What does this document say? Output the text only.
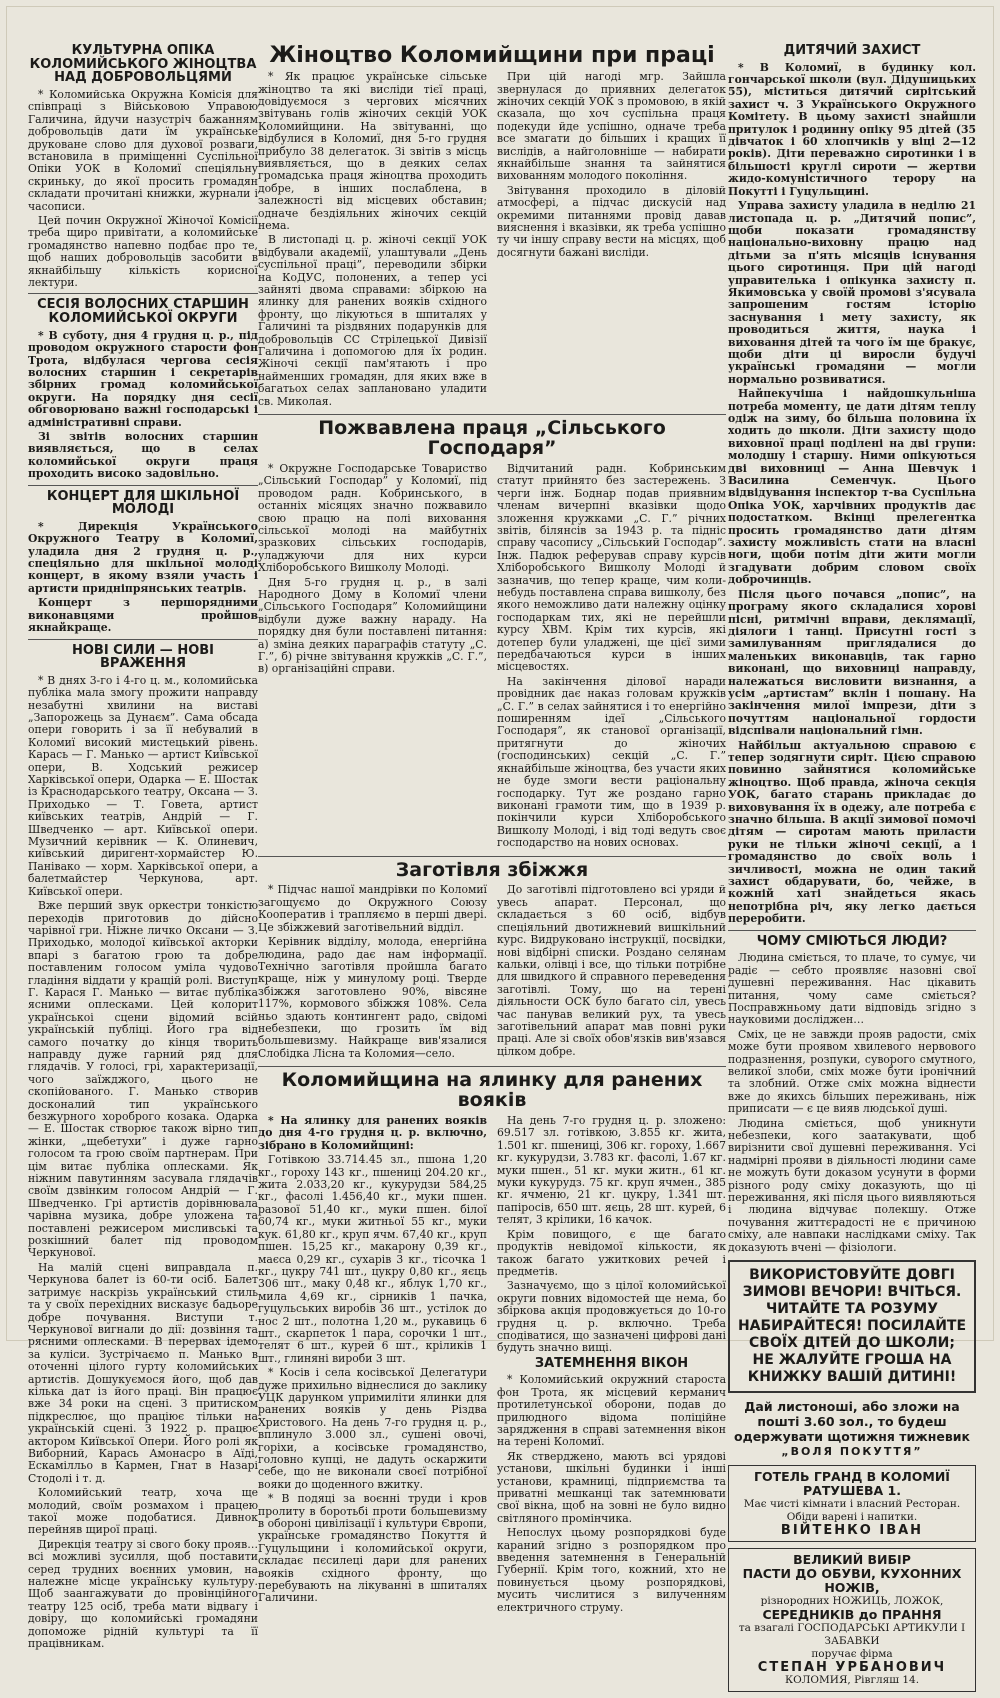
КУЛЬТУРНА ОПІКА КОЛОМИЙСЬКОГО ЖІНОЦТВА НАД ДОБРОВОЛЬЦЯМИ

* Коломийська Окружна Комісія для співпраці з Військовою Управою Галичина, йдучи назустріч бажанням добровольців дати їм українське друковане слово для духової розваги, встановила в приміщенні Суспільної Опіки УОК в Коломиї спеціяльну скриньку, до якої просить громадян складати прочитані книжки, журнали і часописи.

Цей почин Окружної Жіночої Комісії треба щиро привітати, а коломийське громадянство напевно подбає про те, щоб наших добровольців засобити в якнайбільшу кількість корисної лектури.

СЕСІЯ ВОЛОСНИХ СТАРШИН КОЛОМИЙСЬКОЇ ОКРУГИ

* В суботу, дня 4 грудня ц. р., під проводом окружного старости фон Трота, відбулася чергова сесія волосних старшин і секретарів збірних громад коломийської округи. На порядку дня сесії обговорювано важні господарські і адміністративні справи.

Зі звітів волосних старшин виявляється, що в селах коломийської округи праця проходить високо задовільно.

КОНЦЕРТ ДЛЯ ШКІЛЬНОЇ МОЛОДІ

* Дирекція Українського Окружного Театру в Коломиї, уладила дня 2 грудня ц. р., спеціяльно для шкільної молоді концерт, в якому взяли участь і артисти придніпрянських театрів.

Концерт з першорядними виконавцями пройшов якнайкраще.

НОВІ СИЛИ — НОВІ ВРАЖЕННЯ

* В днях 3-го і 4-го ц. м., коломийська публіка мала змогу прожити направду незабутні хвилини на виставі „Запорожець за Дунаєм”. Сама обсада опери говорить і за її небувалий в Коломиї високий мистецький рівень. Карась — Г. Манько — артист Київської опери, В. Ходський режисер Харківської опери, Одарка — Е. Шостак із Краснодарського театру, Оксана — З. Приходько — Т. Говета, артист київських театрів, Андрій — Г. Шведченко — арт. Київської опери. Музичний керівник — К. Олиневич, київський диригент-хормайстер Ю. Панівако — хорм. Харківської опери, а балетмайстер Черкунова, арт. Київської опери.

Вже перший звук оркестри тонкістю переходів приготовив до дійсно чарівної гри. Ніжне личко Оксани — З. Приходько, молодої київської акторки впарі з багатою грою та добре поставленим голосом уміла чудово гладіння віддати у кращій ролі. Виступ Г. Карася Г. Манько — витає публіка ясними оплесками. Цей колорит українськоі сцени відомий всій українській публіці. Його гра від самого початку до кінця творить направду дуже гарний ряд для глядачів. У голосі, грі, характеризації, чого заїжджого, цього не скопійованого. Г. Манько створив досконалий тип українського безжурного хороброго козака. Одарка — Е. Шостак створює також вірно тип жінки, „щебетухи” і дуже гарно голосом та грою своїм партнерам. При цім витає публіка оплесками. Як ніжним павутинням засувала глядачів своїм дзвінким голосом Андрій — Г. Шведченко. Грі артистів дорівнювала чарівна музика, добре уложена та поставлені режисером мисливські та розкішний балет під проводом Черкунової.

На малій сцені виправдала п. Черкунова балет із 60-ти осіб. Балет затримує наскрізь український стиль та у своїх перехідних висказує бадьоре добре почування. Виступи т. Черкунової вигнали до дії: дозвіння та рясними оплесками. В перервах ідемо за куліси. Зустрічаємо п. Манько в оточенні цілого гурту коломийських артистів. Дошукуємося його, щоб дав кілька дат із його праці. Він працює вже 34 роки на сцені. З притиском підкреслює, що праціює тільки на українській сцені. З 1922 р. працює актором Київської Опери. Його ролі як Виборний, Карась Амонасро в Аїді, Ескамілльо в Кармен, Гнат в Назарі Стодолі і т. д.

Коломийський театр, хоча ще молодий, своїм розмахом і працею такої може подобатися. Дивнок перейняв щирої праці.

Дирекція театру зі свого боку прояв… всі можливі зусилля, щоб поставити серед трудних воєнних умовин, на належне місце українську культуру. Щоб заангажувати до провінційного театру 125 осіб, треба мати відвагу і довіру, що коломийські громадяни допоможе рідній культурі та її працівникам.

Жіноцтво Коломийщини при праці

* Як працює українське сільське жіноцтво та які висліди тієї праці, довідуємося з чергових місячних звітувань голів жіночих секцій УОК Коломийщини. На звітуванні, що відбулися в Коломиї, дня 5-го грудня прибуло 38 делегаток. Зі звітів з місць виявляється, що в деяких селах громадська праця жіноцтва проходить добре, в інших послаблена, в залежності від місцевих обставин; одначе бездіяльних жіночих секцій нема.

В листопаді ц. р. жіночі секції УОК відбували академії, улаштували „День суспільної праці”, переводили збірки на КоДУС, полонених, а тепер усі зайняті двома справами: збіркою на ялинку для ранених вояків східного фронту, що лікуються в шпиталях у Галичині та різдвяних подарунків для добровольців СС Стрілецької Дивізії Галичина і допомогою для їх родин. Жіночі секції пам'ятають і про найменших громадян, для яких вже в багатьох селах заплановано уладити св. Миколая.

При цій нагоді мгр. Зайшла звернулася до приявних делегаток жіночих секцій УОК з промовою, в якій сказала, що хоч суспільна праця подекуди йде успішно, одначе треба все змагати до більших і кращих її вислідів, а найголовніше — набирати якнайбільше знання та зайнятися вихованням молодого покоління.

Звітування проходило в діловій атмосфері, а підчас дискусій над окремими питаннями провід давав вияснення і вказівки, як треба успішно ту чи іншу справу вести на місцях, щоб досягнути бажані висліди.

Пожвавлена праця „Сільського Господаря”

* Окружне Господарське Товариство „Сільський Господар” у Коломиї, під проводом радн. Кобринського, в останніх місяцях значно пожвавило свою працю на полі виховання сільської молоді на майбутніх зразкових сільських господарів, уладжуючи для них курси Хліборобського Вишколу Молоді.

Дня 5-го грудня ц. р., в залі Народного Дому в Коломиї члени „Сільського Господаря” Коломийщини відбули дуже важну нараду. На порядку дня були поставлені питання: а) зміна деяких параграфів статуту „С. Г.”, б) річне звітування кружків „С. Г.”, в) організаційні справи.

Відчитаний радн. Кобринським статут прийнято без застережень. З черги інж. Боднар подав приявним членам вичерпні вказівки щодо зложення кружками „С. Г.” річних звітів, білянсів за 1943 р. та підніс справу часопису „Сільський Господар”. Інж. Падюк реферував справу курсів Хліборобського Вишколу Молоді й зазначив, що тепер краще, чим коли-небудь поставлена справа вишколу, без якого неможливо дати належну оцінку господаркам тих, які не перейшли курсу ХВМ. Крім тих курсів, які дотепер були уладжені, ще цієї зими передбачаються курси в інших місцевостях.

На закінчення ділової наради провідник дає наказ головам кружків „С. Г.” в селах зайнятися і то енергійно поширенням ідеї „Сільського Господаря”, як станової організації, притягнути до жіночих (господинських) секцій „С. Г.” якнайбільше жіноцтва, без участи яких не буде змоги вести раціональну господарку. Тут же роздано гарно виконані грамоти тим, що в 1939 р. покінчили курси Хліборобського Вишколу Молоді, і від тоді ведуть своє господарство на нових основах.

Заготівля збіжжя

* Підчас нашої мандрівки по Коломиї загощуємо до Окружного Союзу Кооператив і трапляємо в перші двері. Це збіжжевий заготівельний відділ.

Керівник відділу, молода, енергійна людина, радо дає нам інформації. Технічно заготівля пройшла багато краще, ніж у минулому році. Тверде збіжжя заготовлено 90%, вівсяне 117%, кормового збіжжя 108%. Села ньо здають контингент радо, свідомі небезпеки, що грозить їм від большевизму. Найкраще вив'язалися Слобідка Лісна та Коломия—село.

До заготівлі підготовлено всі уряди й увесь апарат. Персонал, що складається з 60 осіб, відбув спеціяльний двотижневий вишкільний курс. Видруковано інструкції, посвідки, нові відбірні списки. Роздано селянам кальки, олівці і все, що тільки потрібне для швидкого й справного переведення заготівлі. Тому, що на терені діяльности ОСК було багато сіл, увесь час панував великий рух, та увесь заготівельний апарат мав повні руки праці. Але зі своїх обов'язків вив'язався цілком добре.

Коломийщина на ялинку для ранених вояків

* На ялинку для ранених вояків до дня 4-го грудня ц. р. включно, зібрано в Коломийщині:

Готівкою 33.714.45 зл., пшона 1,20 кг., гороху 143 кг., пшениці 204.20 кг., жита 2.033,20 кг., кукурудзи 584,25 кг., фасолі 1.456,40 кг., муки пшен. разової 51,40 кг., муки пшен. білої 60,74 кг., муки житньої 55 кг., муки кук. 61,80 кг., круп ячм. 67,40 кг., круп пшен. 15,25 кг., макарону 0,39 кг., маєса 0,29 кг., сухарів 3 кг., тісочка 1 кг., цукру 741 шт., цукру 0,80 кг., яєць 306 шт., маку 0,48 кг., яблук 1,70 кг., мила 4,69 кг., сірників 1 пачка, гуцульських виробів 36 шт., устілок до нос 2 шт., полотна 1,20 м., рукавиць 6 шт., скарпеток 1 пара, сорочки 1 шт., телят 6 шт., курей 6 шт., кріликів 1 шт., глиняні вироби 3 шт.

* Косів і села косівської Делегатури дуже прихильно віднеслися до заклику УЦК дарунком упримиліти ялинки для ранених вояків у день Різдва Христового. На день 7-го грудня ц. р., вплинуло 3.000 зл., сушені овочі, горіхи, а косівське громадянство, головно купці, не дадуть оскаржити себе, що не виконали своєї потрібної вояки до щоденного вжитку.

* В подяці за воєнні труди і кров пролиту в боротьбі проти большевизму в обороні цивілізації і культури Європи, українське громадянство Покуття й Гуцульщини і коломийської округи, складає пєсилеці дари для ранених вояків східного фронту, що перебувають на лікуванні в шпиталях Галичини.

На день 7-го грудня ц. р. зложено: 69.517 зл. готівкою, 3.855 кг. жита, 1.501 кг. пшениці, 306 кг. гороху, 1.667 кг. кукурудзи, 3.783 кг. фасолі, 1.67 кг. муки пшен., 51 кг. муки житн., 61 кг. муки кукурудз. 75 кг. круп ячмен., 385 кг. ячменю, 21 кг. цукру, 1.341 шт. папіросів, 650 шт. яєць, 28 шт. курей, 6 телят, 3 крілики, 16 качок.

Крім повищого, є ще багато продуктів невідомої кількости, як також багато ужиткових речей і предметів.

Зазначуємо, що з цілої коломийської округи повних відомостей ще нема, бо збіркова акція продовжується до 10-го грудня ц. р. включно. Треба сподіватися, що зазначені цифрові дані будуть значно вищі.

ЗАТЕМНЕННЯ ВІКОН

* Коломийський окружний староста фон Трота, як місцевий керманич протилетунської оборони, подав до прилюдного відома поліційне зарядження в справі затемнення вікон на терені Коломиї.

Як стверджено, мають всі урядові установи, шкільні будинки і інші установи, крамниці, підприємства та приватні мешканці так затемнювати свої вікна, щоб на зовні не було видно світляного промінчика.

Непослух цьому розпорядкові буде караний згідно з розпорядком про введення затемнення в Генеральній Губернії. Крім того, кожний, хто не повинується цьому розпорядкові, мусить числитися з вилученням електричного струму.

ДИТЯЧИЙ ЗАХИСТ

* В Коломиї, в будинку кол. гончарської школи (вул. Дідушицьких 55), міститься дитячий сирітський захист ч. 3 Українського Окружного Комітету. В цьому захисті знайшли притулок і родинну опіку 95 дітей (35 дівчаток і 60 хлопчиків у віці 2—12 років). Діти переважно сиротинки і в більшості круглі сироти — жертви жидо-комуністичного терору на Покутті і Гуцульщині.

Управа захисту уладила в неділю 21 листопада ц. р. „Дитячий попис”, щоби показати громадянству національно-виховну працю над дітьми за п'ять місяців існування цього сиротинця. При цій нагоді управителька і опікунка захисту п. Якимовська у своїй промові з'ясувала запрошеним гостям історію заснування і мету захисту, як проводиться життя, наука і виховання дітей та чого їм ще бракує, щоби діти ці виросли будучі українські громадяни — могли нормально розвиватися.

Найпекучіша і найдошкульніша потреба моменту, це дати дітям теплу одіж на зиму, бо більша половина їх ходить до школи. Діти захисту щодо виховної праці поділені на дві групи: молодшу і старшу. Ними опікуються дві виховниці — Анна Шевчук і Василина Семенчук. Цього відвідування інспектор т-ва Суспільна Опіка УОК, харчівних продуктів дає подостатком. Вкінці прелегентка просить громадянство дати дітям захисту можливість стати на власні ноги, щоби потім діти жити могли згадувати добрим словом своїх доброчинців.

Після цього почався „попис”, на програму якого складалися хорові пісні, ритмічні вправи, деклямації, діялоги і танці. Присутні гості з замилуванням приглядалися до маленьких виконавців, так гарно виконані, що виховниці направду, належаться висловити визнання, а усім „артистам” вклін і пошану. На закінчення милої імпрези, діти з почуттям національної гордости відспівали національний гімн.

Найбільш актуальною справою є тепер зодягнути сиріт. Цією справою повинно зайнятися коломийське жіноцтво. Щоб правда, жіноча секція УОК, багато старань прикладає до виховування їх в одежу, але потреба є значно більша. В акції зимової помочі дітям — сиротам мають приласти руки не тільки жіночі секції, а і громадянство до своїх воль і зичливості, можна не один такий захист обдарувати, бо, чейже, в кожній хаті знайдеться якась непотрібна річ, яку легко дається переробити.

ЧОМУ СМІЮТЬСЯ ЛЮДИ?

Людина сміється, то плаче, то сумує, чи радіє — себто проявляє назовні свої душевні переживання. Нас цікавить питання, чому саме сміється? Посправжньому дати відповідь згідно з науковими досліджен…

Сміх, це не завжди прояв радости, сміх може бути проявом хвилевого нервового подразнення, розпуки, суворого смутного, великої злоби, сміх може бути іронічний та злобний. Отже сміх можна віднести вже до якихсь більших переживань, ніж приписати — є це вияв людської душі.

Людина сміється, щоб уникнути небезпеки, кого заатакувати, щоб вирізнити свої душевні переживання. Усі надмірні прояви в діяльності людини саме не можуть бути доказом усунути в форми різного роду сміху доказують, що ці переживання, які після цього виявляються і людина відчуває полекшу. Отже почування життєрадості не є причиною сміху, але навпаки наслідками сміху. Так доказують вчені — фізіологи.

ВИКОРИСТОВУЙТЕ ДОВГІ ЗИМОВІ ВЕЧОРИ! ВЧІТЬСЯ. ЧИТАЙТЕ ТА РОЗУМУ НАБИРАЙТЕСЯ! ПОСИЛАЙТЕ СВОЇХ ДІТЕЙ ДО ШКОЛИ; НЕ ЖАЛУЙТЕ ГРОША НА КНИЖКУ ВАШІЙ ДИТИНІ!
Дай листоноші, або зложи на пошті 3.60 зол., то будеш одержувати щотижня тижневик
„ВОЛЯ ПОКУТТЯ”
ГОТЕЛЬ ГРАНД В КОЛОМИЇ РАТУШЕВА 1.
Має чисті кімнати і власний Ресторан.
Обіди варені і напитки.
ВІЙТЕНКО ІВАН
ВЕЛИКИЙ ВИБІР
ПАСТИ ДО ОБУВИ, КУХОННИХ НОЖІВ,
різнородних НОЖИЦЬ, ЛОЖОК,
СЕРЕДНИКІВ до ПРАННЯ
та взагалі ГОСПОДАРСЬКІ АРТИКУЛИ І ЗАБАВКИ
поручає фірма
СТЕПАН УРБАНОВИЧ
КОЛОМИЯ, Рівгляш 14.
